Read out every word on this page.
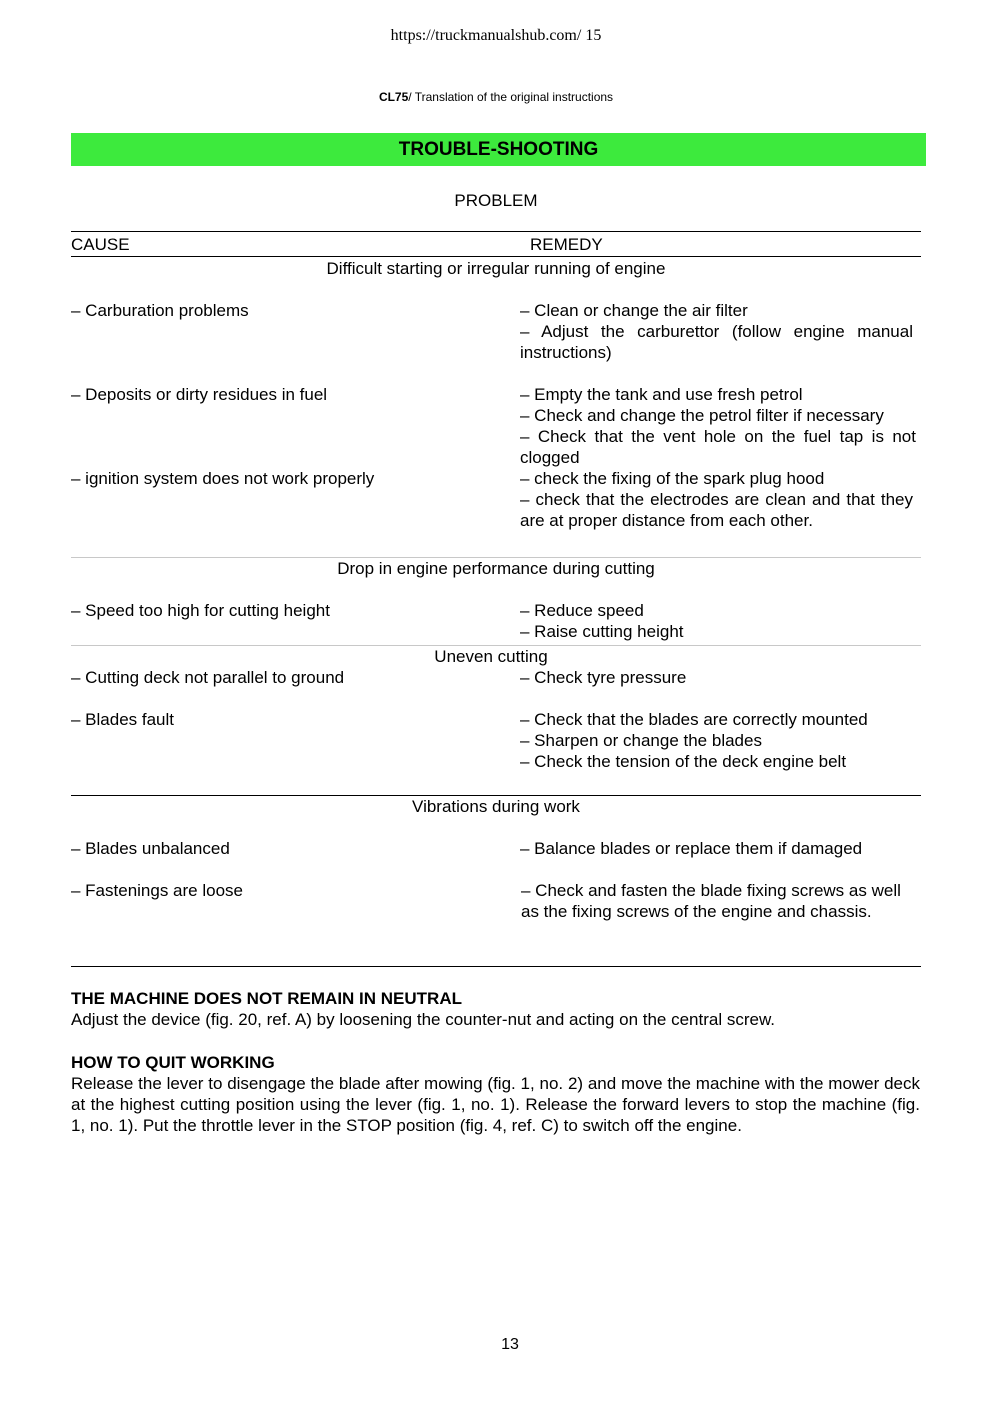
https://truckmanualshub.com/ 15
CL75/ Translation of the original instructions
TROUBLE-SHOOTING
PROBLEM
CAUSE	REMEDY
Difficult starting or irregular running of engine
– Carburation problems	– Clean or change the air filter
– Adjust the carburettor (follow engine manual instructions)
– Deposits or dirty residues in fuel	– Empty the tank and use fresh petrol
– Check and change the petrol filter if necessary
– Check that the vent hole on the fuel tap is not clogged
– ignition system does not work properly	– check the fixing of the spark plug hood
– check that the electrodes are clean and that they are at proper distance from each other.
Drop in engine performance during cutting
– Speed too high for cutting height	– Reduce speed
– Raise cutting height
Uneven cutting
– Cutting deck not parallel to ground	– Check tyre pressure
– Blades fault	– Check that the blades are correctly mounted
– Sharpen or change the blades
– Check the tension of the deck engine belt
Vibrations during work
– Blades unbalanced	– Balance blades or replace them if damaged
– Fastenings are loose	– Check and fasten the blade fixing screws as well as the fixing screws of the engine and chassis.
THE MACHINE DOES NOT REMAIN IN NEUTRAL
Adjust the device (fig. 20, ref. A) by loosening the counter-nut and acting on the central screw.
HOW TO QUIT WORKING
Release the lever to disengage the blade after mowing (fig. 1, no. 2) and move the machine with the mower deck at the highest cutting position using the lever (fig. 1, no. 1). Release the forward levers to stop the machine (fig. 1, no. 1). Put the throttle lever in the STOP position (fig. 4, ref. C) to switch off the engine.
13
